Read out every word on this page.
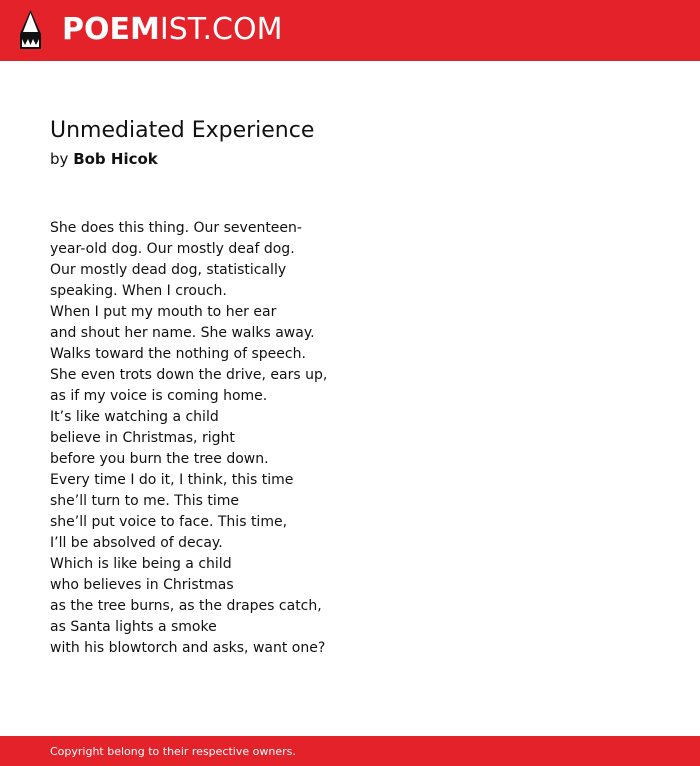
POEMIST.COM
Unmediated Experience
by Bob Hicok
She does this thing. Our seventeen-
year-old dog. Our mostly deaf dog.
Our mostly dead dog, statistically
speaking. When I crouch.
When I put my mouth to her ear
and shout her name. She walks away.
Walks toward the nothing of speech.
She even trots down the drive, ears up,
as if my voice is coming home.
It’s like watching a child
believe in Christmas, right
before you burn the tree down.
Every time I do it, I think, this time
she’ll turn to me. This time
she’ll put voice to face. This time,
I’ll be absolved of decay.
Which is like being a child
who believes in Christmas
as the tree burns, as the drapes catch,
as Santa lights a smoke
with his blowtorch and asks, want one?
Copyright belong to their respective owners.
